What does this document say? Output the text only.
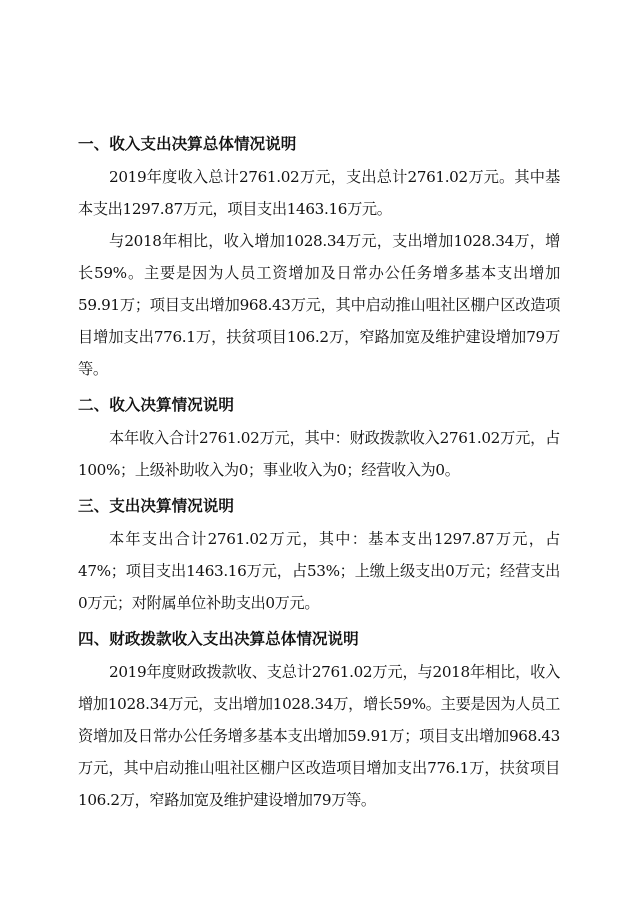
一、收入支出决算总体情况说明

2019年度收入总计2761.02万元，支出总计2761.02万元。其中基本支出1297.87万元，项目支出1463.16万元。

与2018年相比，收入增加1028.34万元，支出增加1028.34万，增长59%。主要是因为人员工资增加及日常办公任务增多基本支出增加59.91万；项目支出增加968.43万元，其中启动推山咀社区棚户区改造项目增加支出776.1万，扶贫项目106.2万，窄路加宽及维护建设增加79万等。

二、收入决算情况说明

本年收入合计2761.02万元，其中：财政拨款收入2761.02万元，占100%；上级补助收入为0；事业收入为0；经营收入为0。

三、支出决算情况说明

本年支出合计2761.02万元，其中：基本支出1297.87万元，占47%；项目支出1463.16万元，占53%；上缴上级支出0万元；经营支出0万元；对附属单位补助支出0万元。

四、财政拨款收入支出决算总体情况说明

2019年度财政拨款收、支总计2761.02万元，与2018年相比，收入增加1028.34万元，支出增加1028.34万，增长59%。主要是因为人员工资增加及日常办公任务增多基本支出增加59.91万；项目支出增加968.43万元，其中启动推山咀社区棚户区改造项目增加支出776.1万，扶贫项目106.2万，窄路加宽及维护建设增加79万等。
